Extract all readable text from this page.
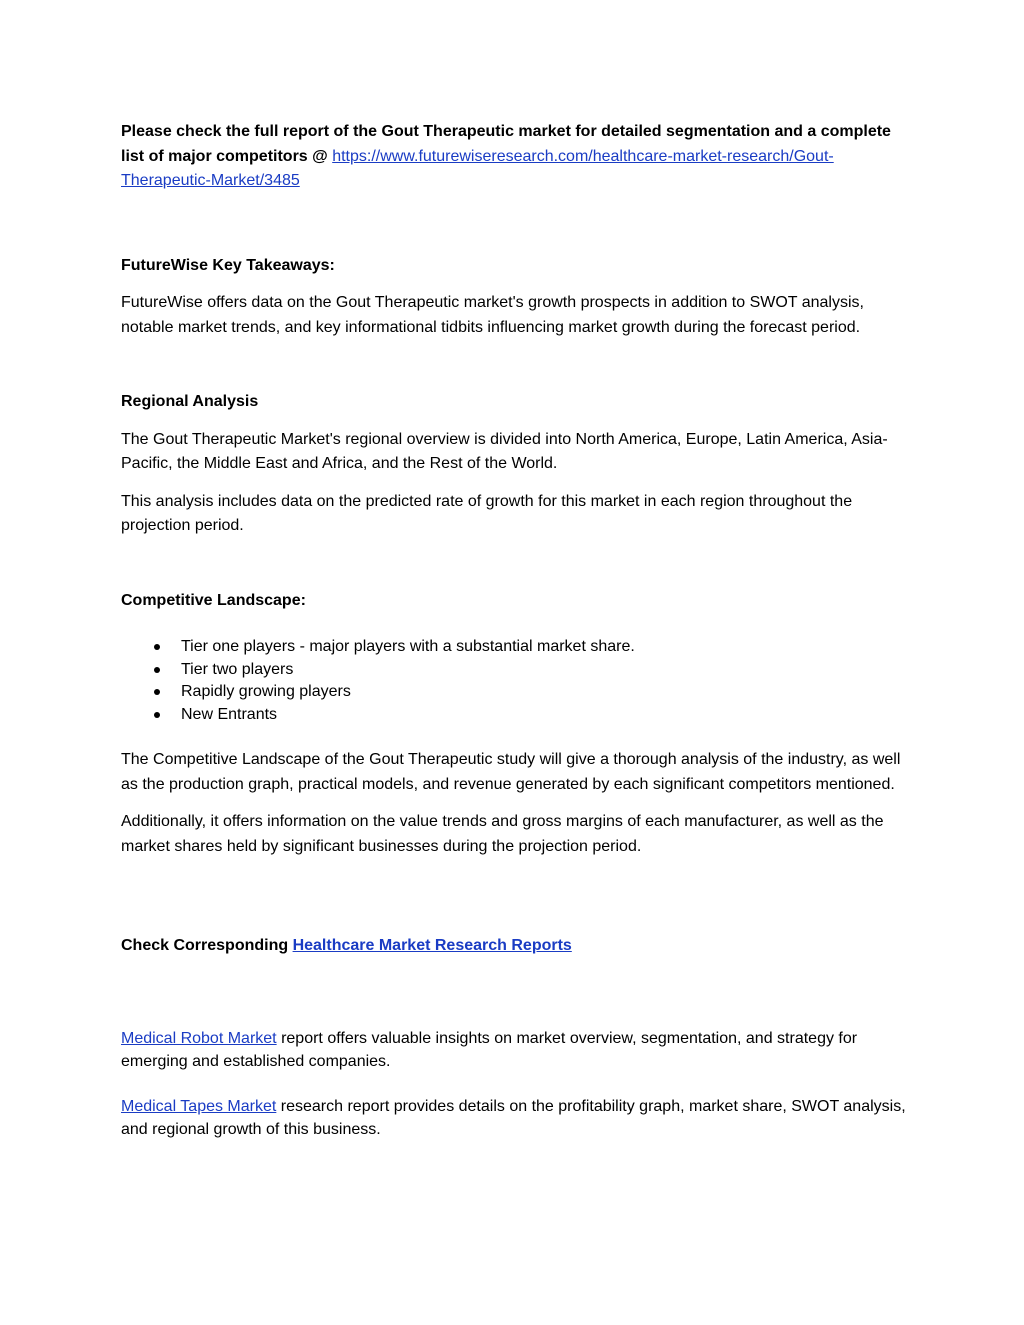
Please check the full report of the Gout Therapeutic market for detailed segmentation and a complete list of major competitors @ https://www.futurewiseresearch.com/healthcare-market-research/Gout-Therapeutic-Market/3485

FutureWise Key Takeaways:

FutureWise offers data on the Gout Therapeutic market's growth prospects in addition to SWOT analysis, notable market trends, and key informational tidbits influencing market growth during the forecast period.

Regional Analysis

The Gout Therapeutic Market's regional overview is divided into North America, Europe, Latin America, Asia-Pacific, the Middle East and Africa, and the Rest of the World.

This analysis includes data on the predicted rate of growth for this market in each region throughout the projection period.

Competitive Landscape:

Tier one players - major players with a substantial market share.
Tier two players
Rapidly growing players
New Entrants

The Competitive Landscape of the Gout Therapeutic study will give a thorough analysis of the industry, as well as the production graph, practical models, and revenue generated by each significant competitors mentioned.

Additionally, it offers information on the value trends and gross margins of each manufacturer, as well as the market shares held by significant businesses during the projection period.

Check Corresponding Healthcare Market Research Reports

Medical Robot Market report offers valuable insights on market overview, segmentation, and strategy for emerging and established companies.

Medical Tapes Market research report provides details on the profitability graph, market share, SWOT analysis, and regional growth of this business.
